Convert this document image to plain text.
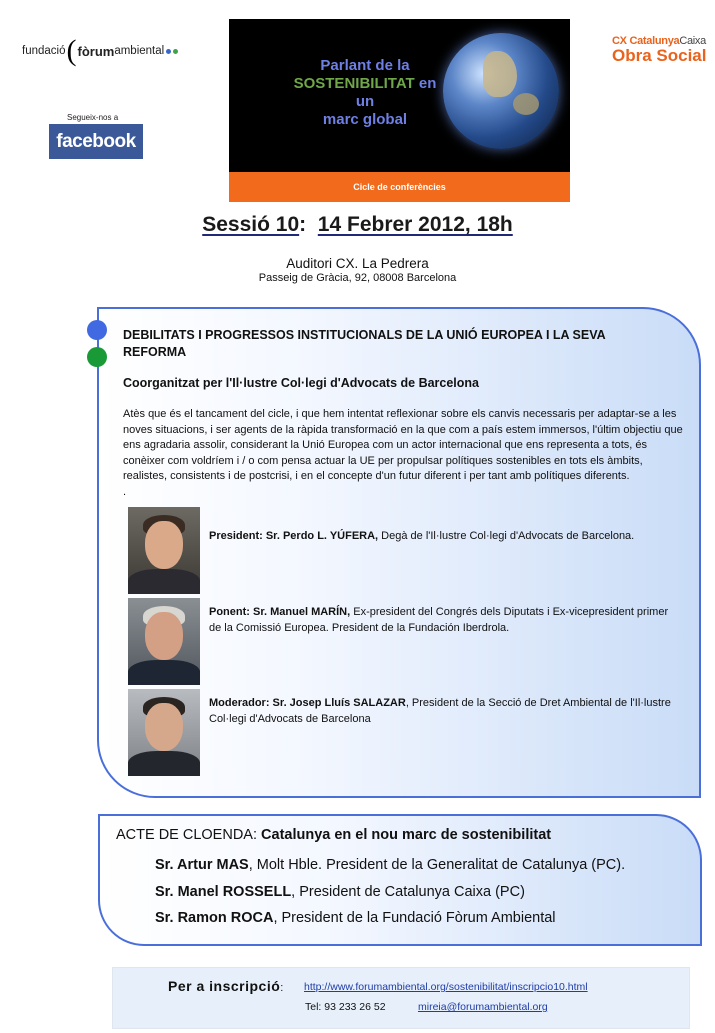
fundació ( fòrum ambiental
Segueix-nos a
facebook
Parlant de la
SOSTENIBILITAT en un
marc global
Cicle de conferències
CX CatalunyaCaixa
Obra Social
Sessió 10: 14 Febrer 2012, 18h
Auditori CX. La Pedrera
Passeig de Gràcia, 92, 08008 Barcelona
DEBILITATS I PROGRESSOS INSTITUCIONALS DE LA UNIÓ EUROPEA I LA SEVA REFORMA
Coorganitzat per l'Il·lustre Col·legi d'Advocats de Barcelona
Atès que és el tancament del cicle, i que hem intentat reflexionar sobre els canvis necessaris per adaptar-se a les noves situacions, i ser agents de la ràpida transformació en la que com a país estem immersos, l'últim objectiu que ens agradaria assolir, considerant la Unió Europea com un actor internacional que ens representa a tots, és conèixer com voldríem i / o com pensa actuar la UE per propulsar polítiques sostenibles en tots els àmbits, realistes, consistents i de postcrisi, i en el concepte d'un futur diferent i per tant amb polítiques diferents.
.
President: Sr. Perdo L. YÚFERA, Degà de l'Il·lustre Col·legi d'Advocats de Barcelona.
Ponent: Sr. Manuel MARÍN, Ex-president del Congrés dels Diputats i Ex-vicepresident primer de la Comissió Europea. President de la Fundación Iberdrola.
Moderador: Sr. Josep Lluís SALAZAR, President de la Secció de Dret Ambiental de l'Il·lustre Col·legi d'Advocats de Barcelona
ACTE DE CLOENDA: Catalunya en el nou marc de sostenibilitat
Sr. Artur MAS, Molt Hble. President de la Generalitat de Catalunya (PC).
Sr. Manel ROSSELL, President de Catalunya Caixa (PC)
Sr. Ramon ROCA, President de la Fundació Fòrum Ambiental
Per a inscripció: http://www.forumambiental.org/sostenibilitat/inscripcio10.html
Tel: 93 233 26 52	mireia@forumambiental.org
